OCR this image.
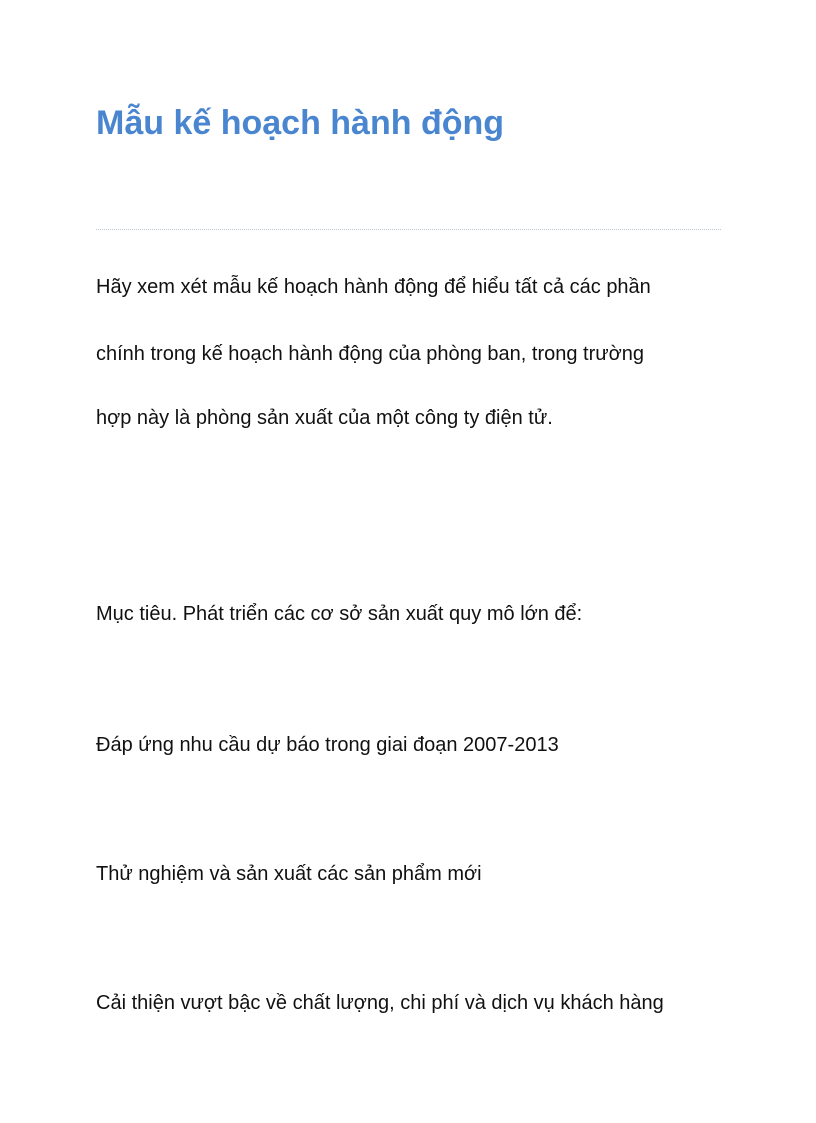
Mẫu kế hoạch hành động

Hãy xem xét mẫu kế hoạch hành động để hiểu tất cả các phần

chính trong kế hoạch hành động của phòng ban, trong trường

hợp này là phòng sản xuất của một công ty điện tử.

Mục tiêu. Phát triển các cơ sở sản xuất quy mô lớn để:

Đáp ứng nhu cầu dự báo trong giai đoạn 2007-2013

Thử nghiệm và sản xuất các sản phẩm mới

Cải thiện vượt bậc về chất lượng, chi phí và dịch vụ khách hàng
